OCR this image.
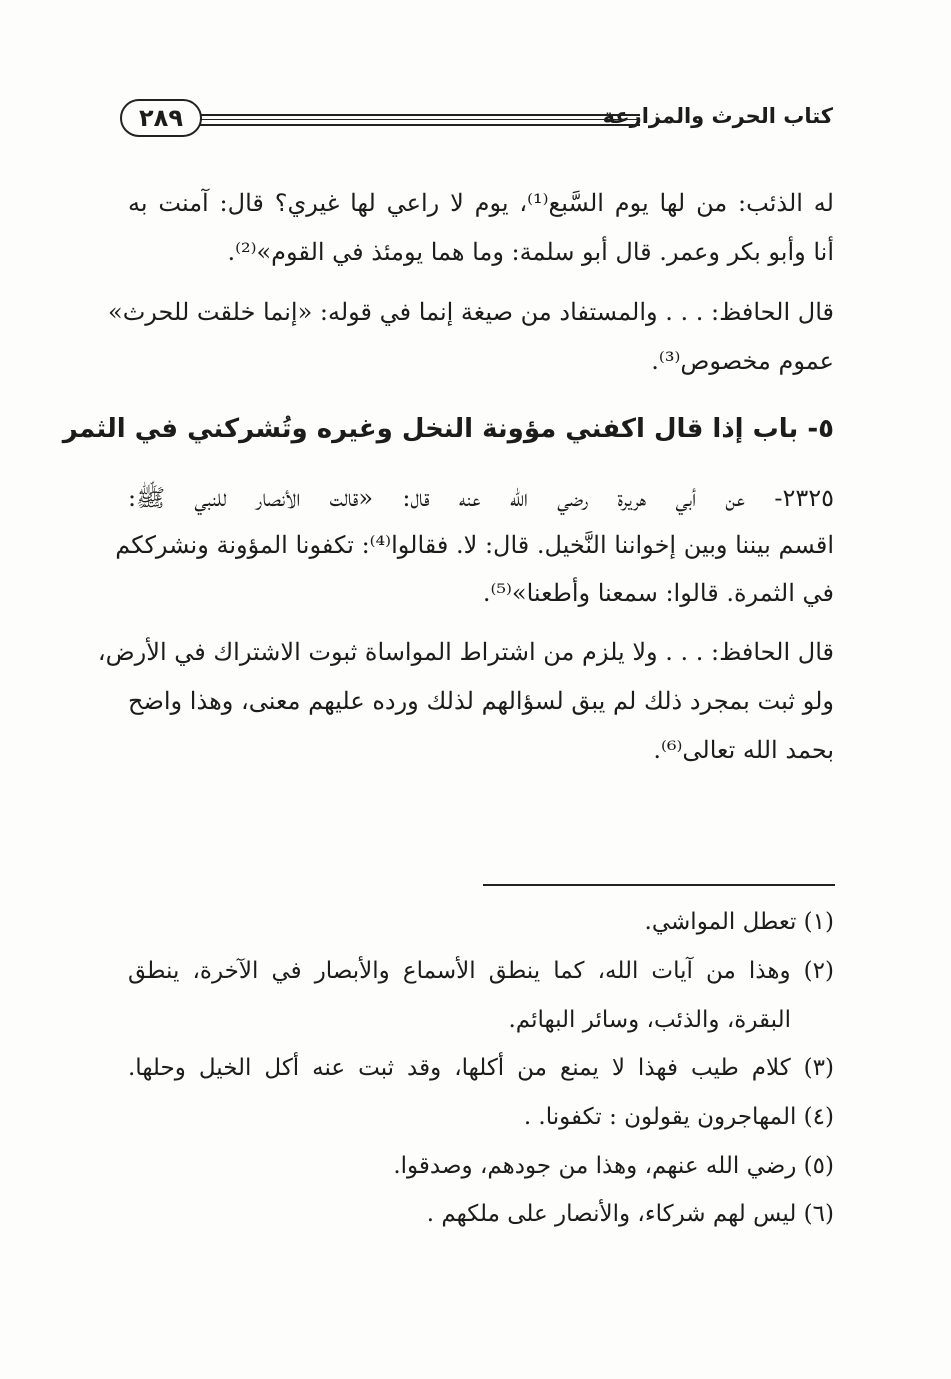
كتاب الحرث والمزارعة
٢٨٩
له الذئب: من لها يوم السَّبع⁽¹⁾، يوم لا راعي لها غيري؟ قال: آمنت به
أنا وأبو بكر وعمر. قال أبو سلمة: وما هما يومئذ في القوم»⁽²⁾.
قال الحافظ: . . . والمستفاد من صيغة إنما في قوله: «إنما خلقت للحرث»
عموم مخصوص⁽³⁾.
٥- باب إذا قال اكفني مؤونة النخل وغيره وتُشركني في الثمر
٢٣٢٥- عن أبي هريرة رضي الله عنه قال: «قالت الأنصار للنبي ﷺ:
اقسم بيننا وبين إخواننا النَّخيل. قال: لا. فقالوا⁽⁴⁾: تكفونا المؤونة ونشرككم
في الثمرة. قالوا: سمعنا وأطعنا»⁽⁵⁾.
قال الحافظ: . . . ولا يلزم من اشتراط المواساة ثبوت الاشتراك في الأرض،
ولو ثبت بمجرد ذلك لم يبق لسؤالهم لذلك ورده عليهم معنى، وهذا واضح
بحمد الله تعالى⁽⁶⁾.
(١) تعطل المواشي.
(٢) وهذا من آيات الله، كما ينطق الأسماع والأبصار في الآخرة، ينطق
البقرة، والذئب، وسائر البهائم.
(٣) كلام طيب فهذا لا يمنع من أكلها، وقد ثبت عنه أكل الخيل وحلها.
(٤) المهاجرون يقولون : تكفونا. .
(٥) رضي الله عنهم، وهذا من جودهم، وصدقوا.
(٦) ليس لهم شركاء، والأنصار على ملكهم .
